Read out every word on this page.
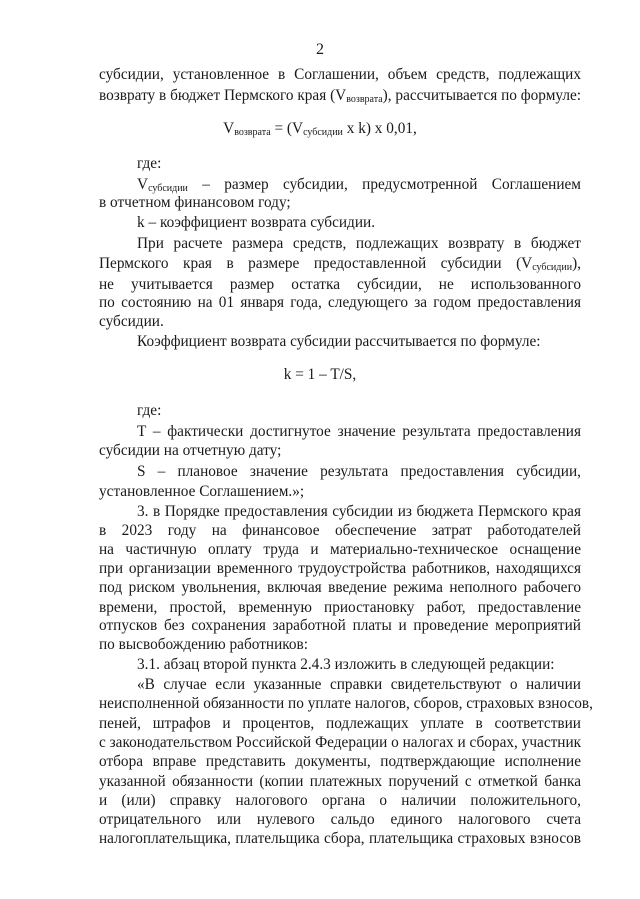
2
субсидии, установленное в Соглашении, объем средств, подлежащих
возврату в бюджет Пермского края $(V_{возврата})$, рассчитывается по формуле:
$V_{возврата} = (V_{субсидии}$ x k) x 0,01,
где:
$V_{субсидии}$ – размер субсидии, предусмотренной Соглашением
в отчетном финансовом году;
k – коэффициент возврата субсидии.
При расчете размера средств, подлежащих возврату в бюджет
Пермского края в размере предоставленной субсидии $(V_{субсидии})$,
не учитывается размер остатка субсидии, не использованного
по состоянию на 01 января года, следующего за годом предоставления
субсидии.
Коэффициент возврата субсидии рассчитывается по формуле:
k = 1 – T/S,
где:
T – фактически достигнутое значение результата предоставления
субсидии на отчетную дату;
S – плановое значение результата предоставления субсидии,
установленное Соглашением.»;
3. в Порядке предоставления субсидии из бюджета Пермского края
в 2023 году на финансовое обеспечение затрат работодателей
на частичную оплату труда и материально-техническое оснащение
при организации временного трудоустройства работников, находящихся
под риском увольнения, включая введение режима неполного рабочего
времени, простой, временную приостановку работ, предоставление
отпусков без сохранения заработной платы и проведение мероприятий
по высвобождению работников:
3.1. абзац второй пункта 2.4.3 изложить в следующей редакции:
«В случае если указанные справки свидетельствуют о наличии
неисполненной обязанности по уплате налогов, сборов, страховых взносов,
пеней, штрафов и процентов, подлежащих уплате в соответствии
с законодательством Российской Федерации о налогах и сборах, участник
отбора вправе представить документы, подтверждающие исполнение
указанной обязанности (копии платежных поручений с отметкой банка
и (или) справку налогового органа о наличии положительного,
отрицательного или нулевого сальдо единого налогового счета
налогоплательщика, плательщика сбора, плательщика страховых взносов
